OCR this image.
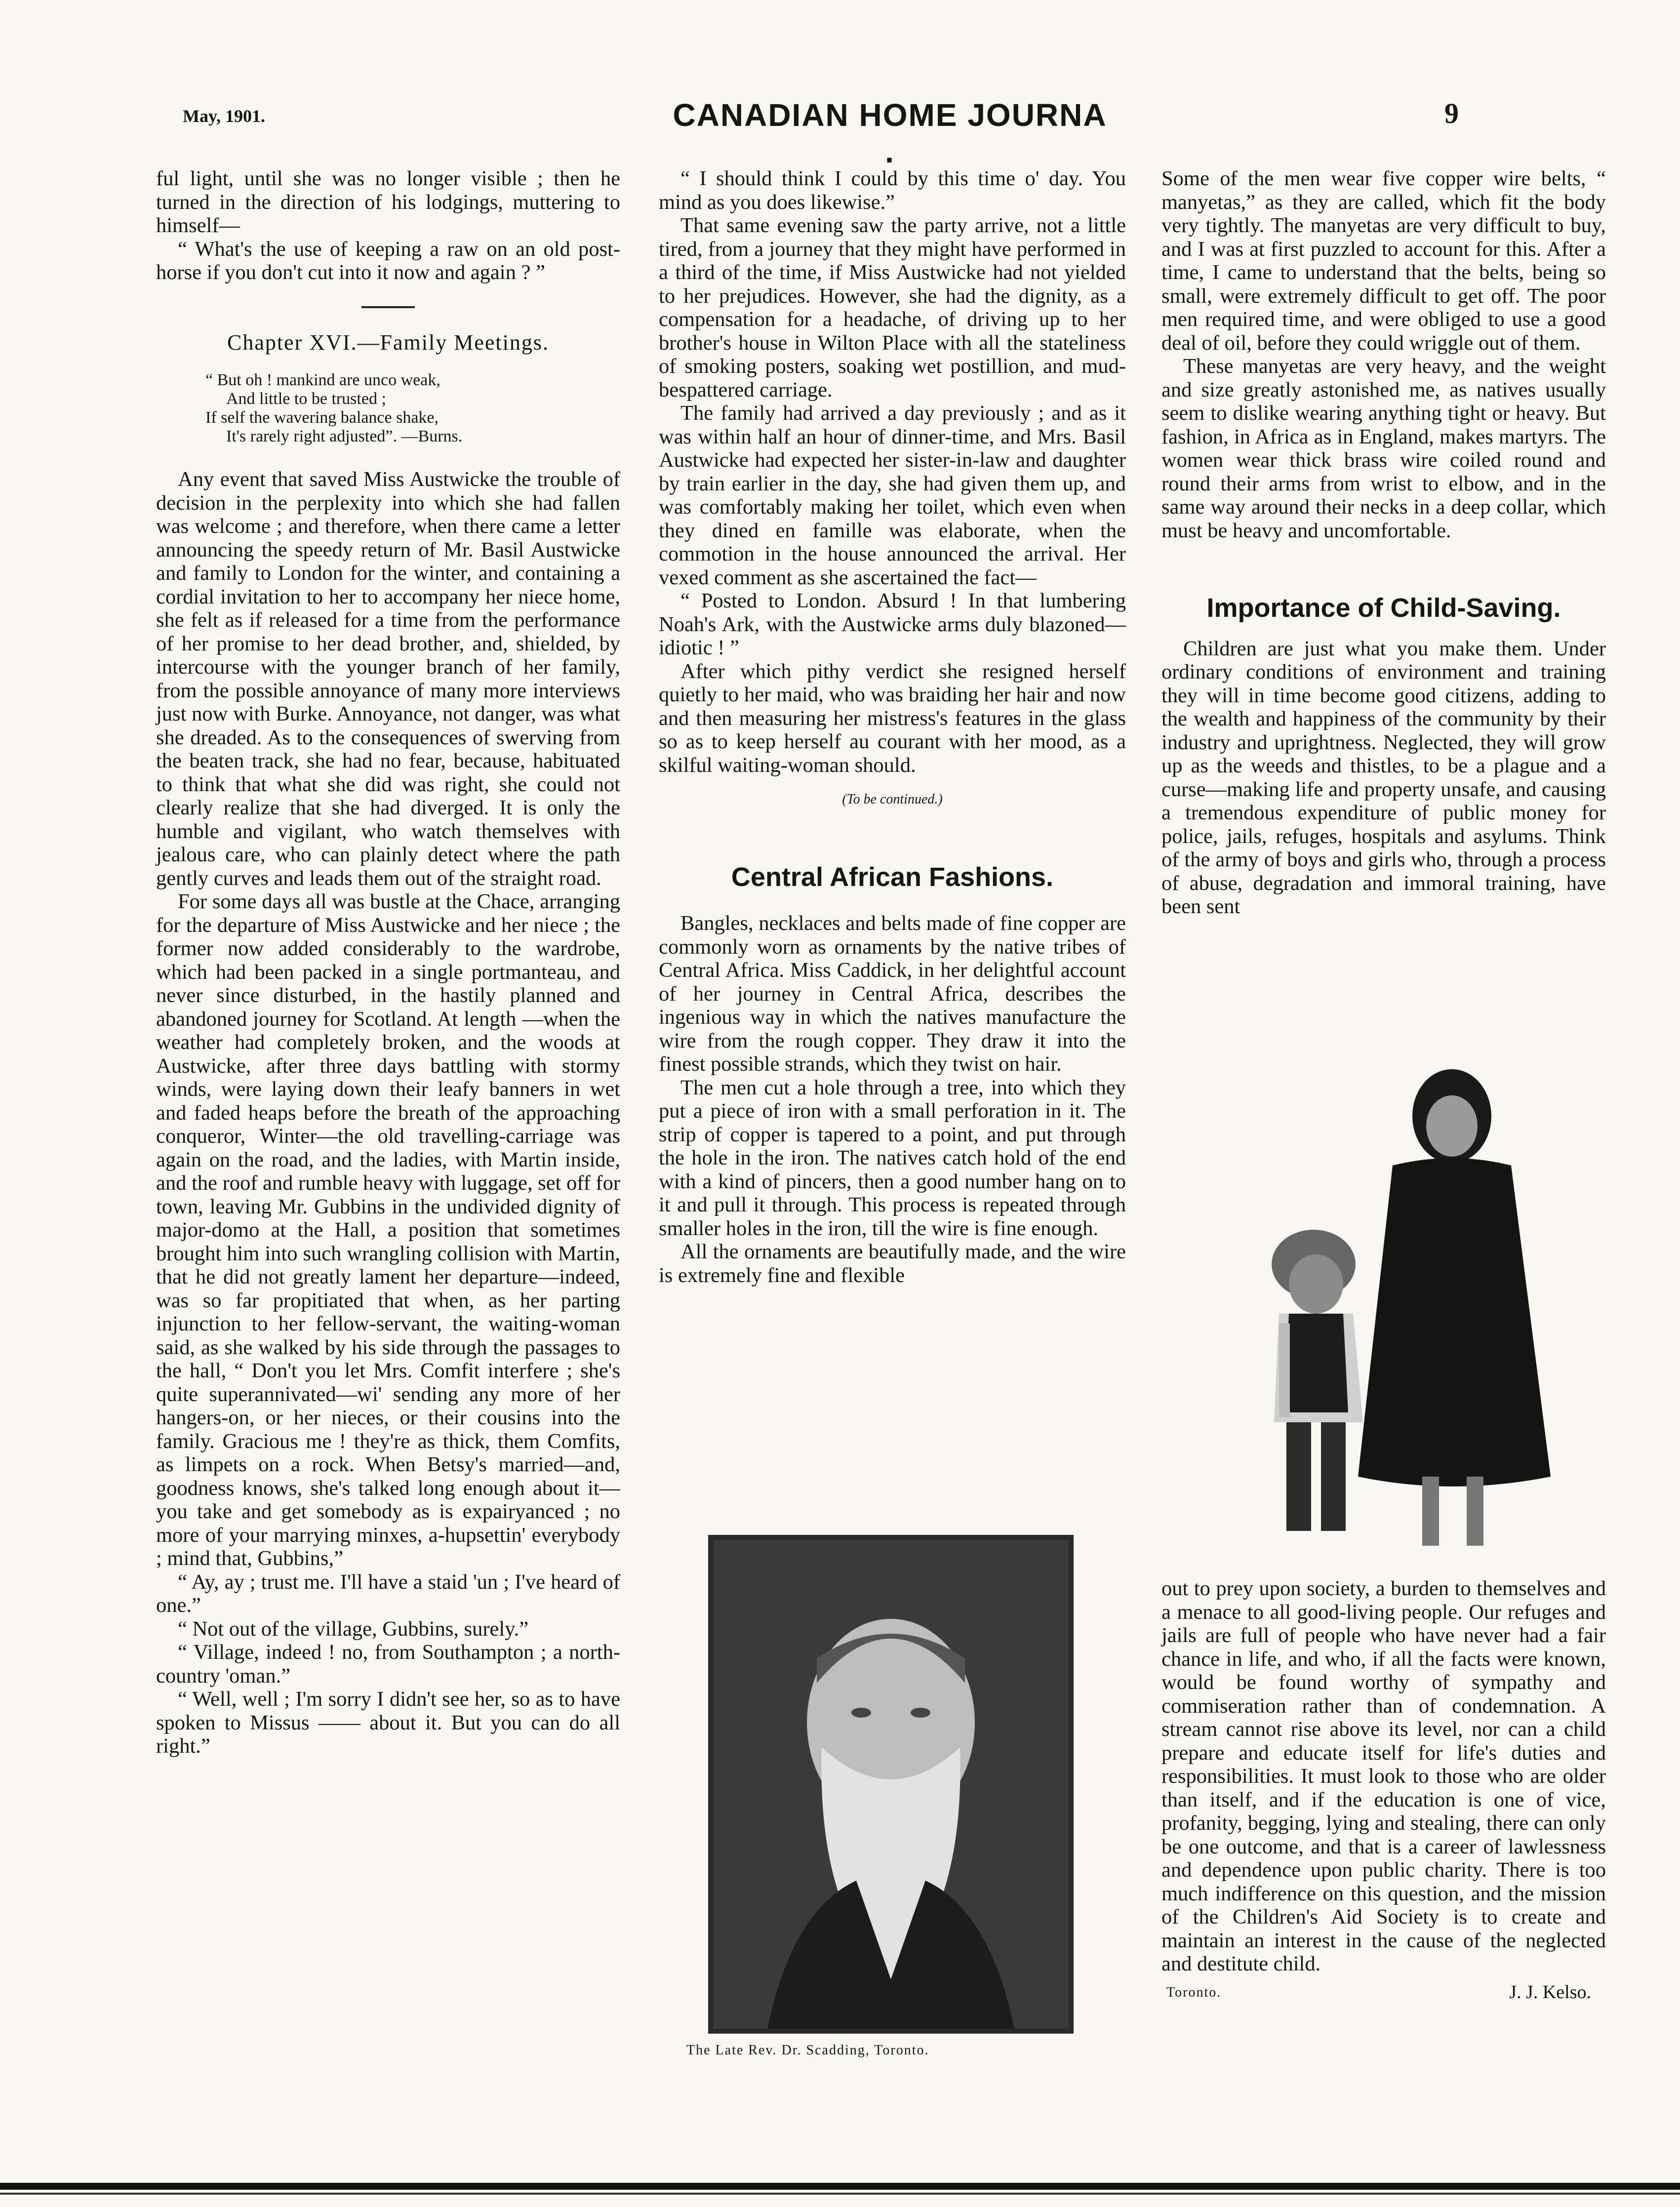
May, 1901.	CANADIAN HOME JOURNA .
9

ful light, until she was no longer visible ; then he turned in the direction of his lodgings, muttering to himself—

“ What's the use of keeping a raw on an old post-horse if you don't cut into it now and again ? ”

Chapter XVI.—Family Meetings.
“ But oh ! mankind are unco weak,
And little to be trusted ;
If self the wavering balance shake,
It's rarely right adjusted”. —Burns.

Any event that saved Miss Austwicke the trouble of decision in the perplexity into which she had fallen was welcome ; and therefore, when there came a letter announcing the speedy return of Mr. Basil Austwicke and family to London for the winter, and containing a cordial invitation to her to accompany her niece home, she felt as if released for a time from the performance of her promise to her dead brother, and, shielded, by intercourse with the younger branch of her family, from the possible annoyance of many more interviews just now with Burke. Annoyance, not danger, was what she dreaded. As to the consequences of swerving from the beaten track, she had no fear, because, habituated to think that what she did was right, she could not clearly realize that she had diverged. It is only the humble and vigilant, who watch themselves with jealous care, who can plainly detect where the path gently curves and leads them out of the straight road.

For some days all was bustle at the Chace, arranging for the departure of Miss Austwicke and her niece ; the former now added considerably to the wardrobe, which had been packed in a single portmanteau, and never since disturbed, in the hastily planned and abandoned journey for Scotland. At length —when the weather had completely broken, and the woods at Austwicke, after three days battling with stormy winds, were laying down their leafy banners in wet and faded heaps before the breath of the approaching conqueror, Winter—the old travelling-carriage was again on the road, and the ladies, with Martin inside, and the roof and rumble heavy with luggage, set off for town, leaving Mr. Gubbins in the undivided dignity of major-domo at the Hall, a position that sometimes brought him into such wrangling collision with Martin, that he did not greatly lament her departure—indeed, was so far propitiated that when, as her parting injunction to her fellow-servant, the waiting-woman said, as she walked by his side through the passages to the hall, “ Don't you let Mrs. Comfit interfere ; she's quite superannivated—wi' sending any more of her hangers-on, or her nieces, or their cousins into the family. Gracious me ! they're as thick, them Comfits, as limpets on a rock. When Betsy's married—and, goodness knows, she's talked long enough about it—you take and get somebody as is expairyanced ; no more of your marrying minxes, a-hupsettin' everybody ; mind that, Gubbins,”

“ Ay, ay ; trust me. I'll have a staid 'un ; I've heard of one.”

“ Not out of the village, Gubbins, surely.”

“ Village, indeed ! no, from Southampton ; a north-country 'oman.”

“ Well, well ; I'm sorry I didn't see her, so as to have spoken to Missus —— about it. But you can do all right.”

“ I should think I could by this time o' day. You mind as you does likewise.”

That same evening saw the party arrive, not a little tired, from a journey that they might have performed in a third of the time, if Miss Austwicke had not yielded to her prejudices. However, she had the dignity, as a compensation for a headache, of driving up to her brother's house in Wilton Place with all the stateliness of smoking posters, soaking wet postillion, and mud-bespattered carriage.

The family had arrived a day previously ; and as it was within half an hour of dinner-time, and Mrs. Basil Austwicke had expected her sister-in-law and daughter by train earlier in the day, she had given them up, and was comfortably making her toilet, which even when they dined en famille was elaborate, when the commotion in the house announced the arrival. Her vexed comment as she ascertained the fact—

“ Posted to London. Absurd ! In that lumbering Noah's Ark, with the Austwicke arms duly blazoned—idiotic ! ”

After which pithy verdict she resigned herself quietly to her maid, who was braiding her hair and now and then measuring her mistress's features in the glass so as to keep herself au courant with her mood, as a skilful waiting-woman should.

(To be continued.)
Central African Fashions.

Bangles, necklaces and belts made of fine copper are commonly worn as ornaments by the native tribes of Central Africa. Miss Caddick, in her delightful account of her journey in Central Africa, describes the ingenious way in which the natives manufacture the wire from the rough copper. They draw it into the finest possible strands, which they twist on hair.

The men cut a hole through a tree, into which they put a piece of iron with a small perforation in it. The strip of copper is tapered to a point, and put through the hole in the iron. The natives catch hold of the end with a kind of pincers, then a good number hang on to it and pull it through. This process is repeated through smaller holes in the iron, till the wire is fine enough.

All the ornaments are beautifully made, and the wire is extremely fine and flexible

The Late Rev. Dr. Scadding, Toronto.

Some of the men wear five copper wire belts, “ manyetas,” as they are called, which fit the body very tightly. The manyetas are very difficult to buy, and I was at first puzzled to account for this. After a time, I came to understand that the belts, being so small, were extremely difficult to get off. The poor men required time, and were obliged to use a good deal of oil, before they could wriggle out of them.

These manyetas are very heavy, and the weight and size greatly astonished me, as natives usually seem to dislike wearing anything tight or heavy. But fashion, in Africa as in England, makes martyrs. The women wear thick brass wire coiled round and round their arms from wrist to elbow, and in the same way around their necks in a deep collar, which must be heavy and uncomfortable.

Importance of Child-Saving.

Children are just what you make them. Under ordinary conditions of environment and training they will in time become good citizens, adding to the wealth and happiness of the community by their industry and uprightness. Neglected, they will grow up as the weeds and thistles, to be a plague and a curse—making life and property unsafe, and causing a tremendous expenditure of public money for police, jails, refuges, hospitals and asylums. Think of the army of boys and girls who, through a process of abuse, degradation and immoral training, have been sent

out to prey upon society, a burden to themselves and a menace to all good-living people. Our refuges and jails are full of people who have never had a fair chance in life, and who, if all the facts were known, would be found worthy of sympathy and commiseration rather than of condemnation. A stream cannot rise above its level, nor can a child prepare and educate itself for life's duties and responsibilities. It must look to those who are older than itself, and if the education is one of vice, profanity, begging, lying and stealing, there can only be one outcome, and that is a career of lawlessness and dependence upon public charity. There is too much indifference on this question, and the mission of the Children's Aid Society is to create and maintain an interest in the cause of the neglected and destitute child.

Toronto.	J. J. Kelso.
